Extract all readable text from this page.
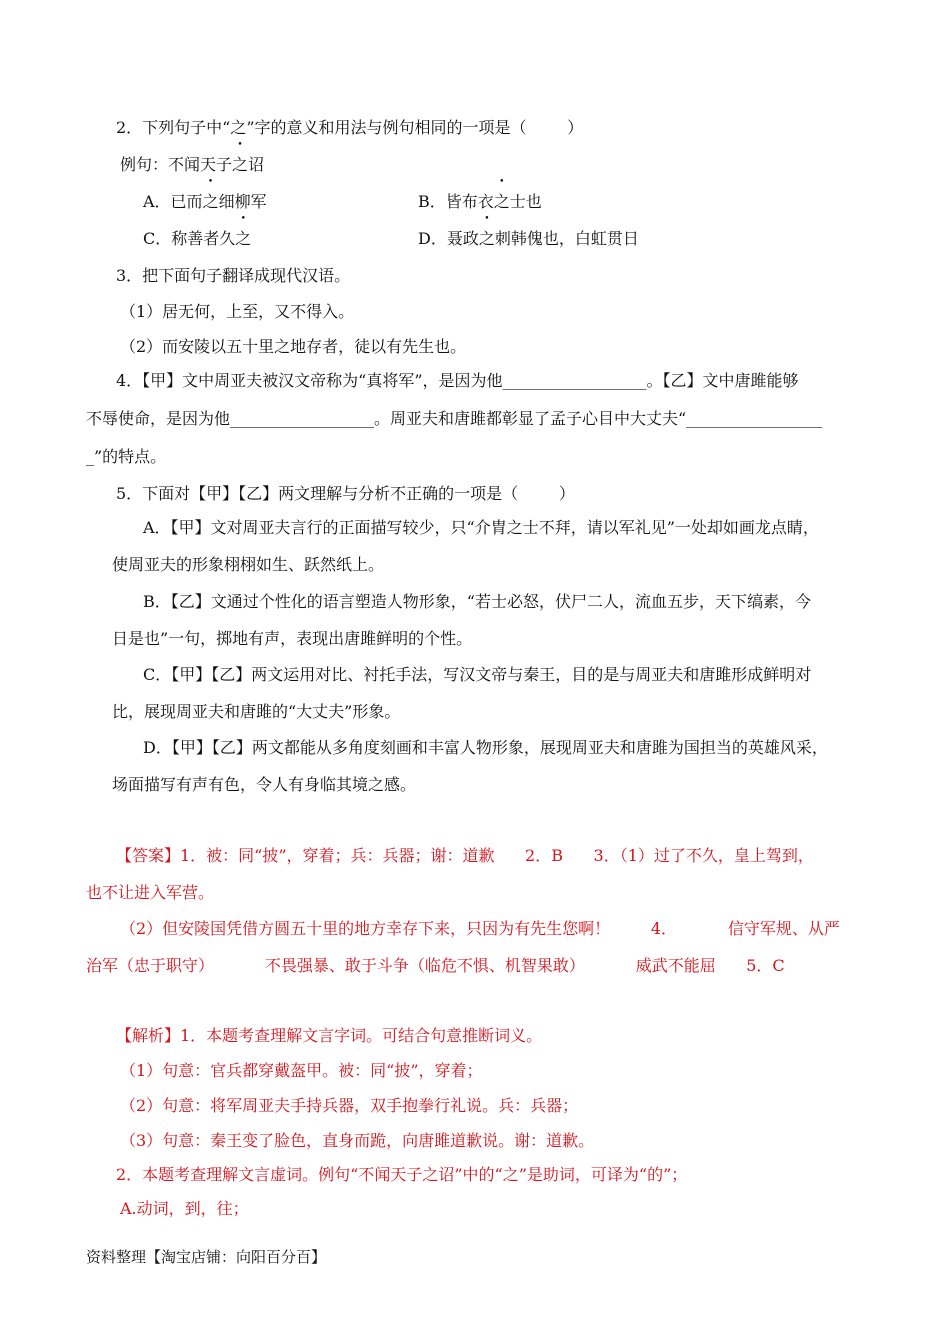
2．下列句子中“之”字的意义和用法与例句相同的一项是（        ）
例句：不闻天子之诏
A．已而之细柳军	B．皆布衣之士也
C．称善者久之	D．聂政之刺韩傀也，白虹贯日
3．把下面句子翻译成现代汉语。
（1）居无何，上至，又不得入。
（2）而安陵以五十里之地存者，徒以有先生也。
4．【甲】文中周亚夫被汉文帝称为“真将军”，是因为他__________________。【乙】文中唐雎能够
不辱使命，是因为他__________________。周亚夫和唐雎都彰显了孟子心目中大丈夫“_________________
_”的特点。
5．下面对【甲】【乙】两文理解与分析不正确的一项是（        ）
A．【甲】文对周亚夫言行的正面描写较少，只“介胄之士不拜，请以军礼见”一处却如画龙点睛，
使周亚夫的形象栩栩如生、跃然纸上。
B．【乙】文通过个性化的语言塑造人物形象，“若士必怒，伏尸二人，流血五步，天下缟素，今
日是也”一句，掷地有声，表现出唐雎鲜明的个性。
C．【甲】【乙】两文运用对比、衬托手法，写汉文帝与秦王，目的是与周亚夫和唐雎形成鲜明对
比，展现周亚夫和唐雎的“大丈夫”形象。
D．【甲】【乙】两文都能从多角度刻画和丰富人物形象，展现周亚夫和唐雎为国担当的英雄风采，
场面描写有声有色，令人有身临其境之感。
【答案】1．被：同“披”，穿着；兵：兵器；谢：道歉      2．B      3．（1）过了不久，皇上驾到，
也不让进入军营。
（2）但安陵国凭借方圆五十里的地方幸存下来，只因为有先生您啊！        4．          信守军规、从严
治军（忠于职守）          不畏强暴、敢于斗争（临危不惧、机智果敢）          威武不能屈      5．C
【解析】1．本题考查理解文言字词。可结合句意推断词义。
（1）句意：官兵都穿戴盔甲。被：同“披”，穿着；
（2）句意：将军周亚夫手持兵器，双手抱拳行礼说。兵：兵器；
（3）句意：秦王变了脸色，直身而跪，向唐雎道歉说。谢：道歉。
2．本题考查理解文言虚词。例句“不闻天子之诏”中的“之”是助词，可译为“的”；
A.动词，到，往；
资料整理【淘宝店铺：向阳百分百】
